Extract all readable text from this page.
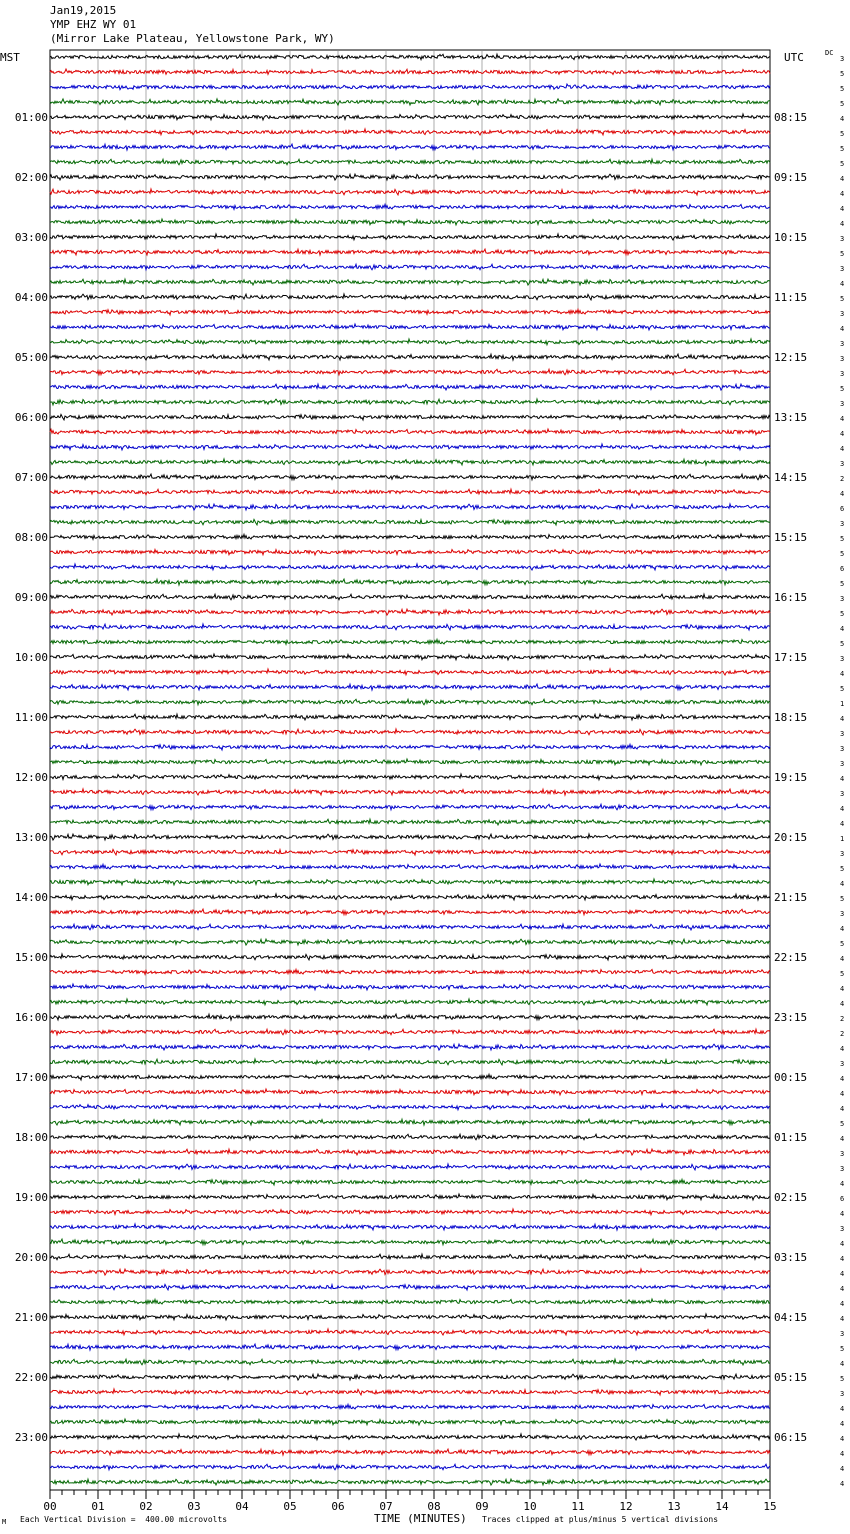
Jan19,2015
YMP EHZ WY 01
(Mirror Lake Plateau, Yellowstone Park, WY)
00	01	02	03	04	05	06	07	08	09	10	11	12	13	14	15
MST	UTC
01:00
02:00
03:00
04:00
05:00
06:00
07:00
08:00
09:00
10:00
11:00
12:00
13:00
14:00
15:00
16:00
17:00
18:00
19:00
20:00
21:00
22:00
23:00
08:15
09:15
10:15
11:15
12:15
13:15
14:15
15:15
16:15
17:15
18:15
19:15
20:15
21:15
22:15
23:15
00:15
01:15
02:15
03:15
04:15
05:15
06:15
3
5
5
5
4
5
5
5
4
4
4
4
3
5
3
4
5
3
4
3
3
3
5
3
4
4
4
3
2
4
6
3
5
5
6
5
3
5
4
5
3
4
5
1
4
3
3
3
4
3
4
4
1
3
5
4
5
3
4
5
4
5
4
4
2
2
4
3
4
4
4
5
4
3
3
4
6
4
3
4
4
4
4
4
4
3
5
4
5
3
4
4
4
4
4
4
DC
TIME (MINUTES)
Each Vertical Division =  400.00 microvolts	Traces clipped at plus/minus 5 vertical divisions
M
